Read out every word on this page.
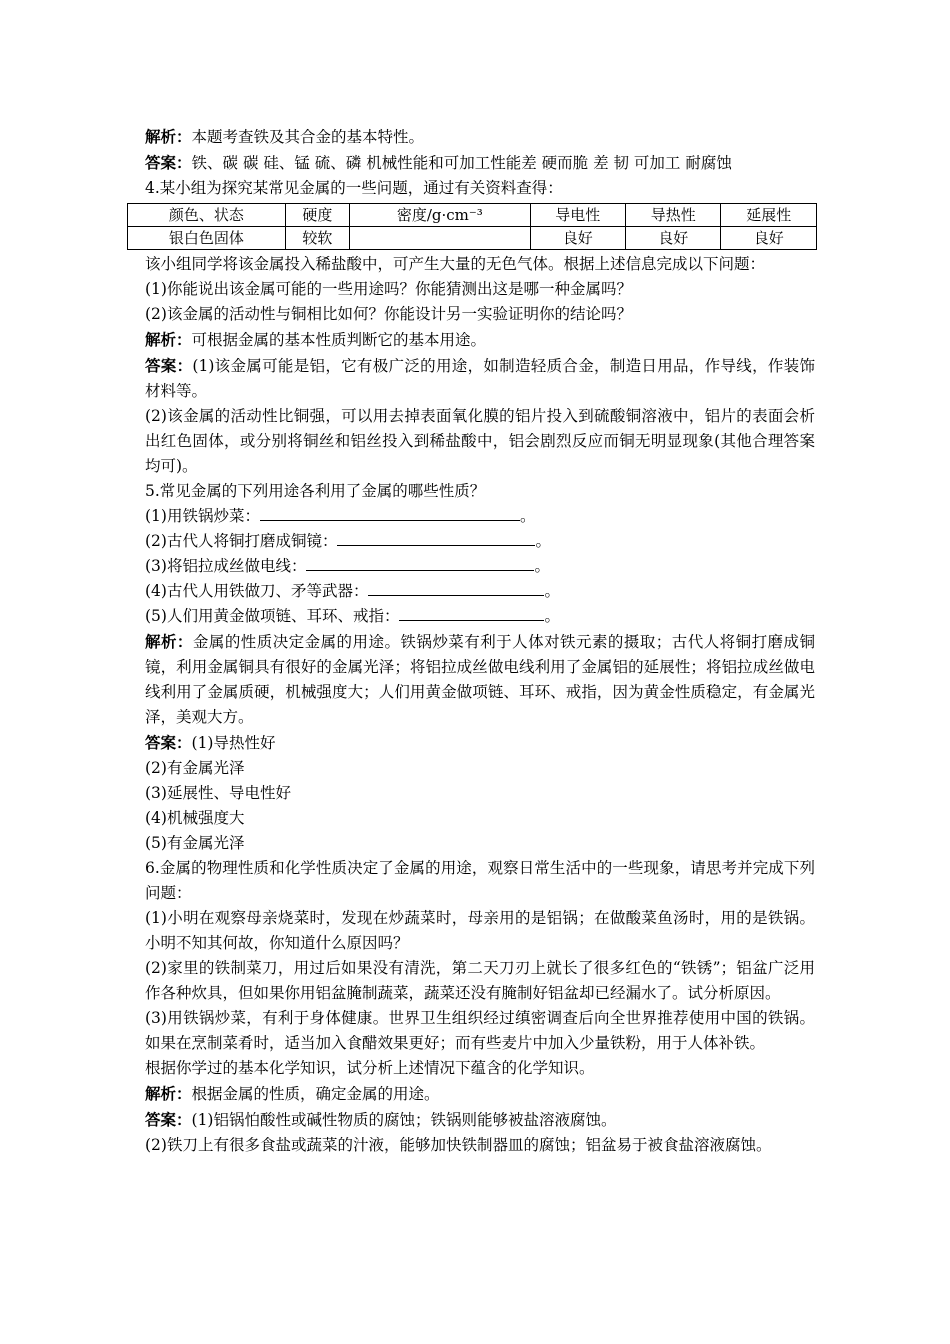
解析：本题考查铁及其合金的基本特性。

答案：铁、碳 碳 硅、锰 硫、磷 机械性能和可加工性能差 硬而脆 差 韧 可加工 耐腐蚀

4.某小组为探究某常见金属的一些问题，通过有关资料查得：

颜色、状态	硬度	密度/g·cm⁻³	导电性	导热性	延展性
银白色固体	较软		良好	良好	良好

该小组同学将该金属投入稀盐酸中，可产生大量的无色气体。根据上述信息完成以下问题：

(1)你能说出该金属可能的一些用途吗？你能猜测出这是哪一种金属吗？

(2)该金属的活动性与铜相比如何？你能设计另一实验证明你的结论吗？

解析：可根据金属的基本性质判断它的基本用途。

答案：(1)该金属可能是铝，它有极广泛的用途，如制造轻质合金，制造日用品，作导线，作装饰材料等。

(2)该金属的活动性比铜强，可以用去掉表面氧化膜的铝片投入到硫酸铜溶液中，铝片的表面会析出红色固体，或分别将铜丝和铝丝投入到稀盐酸中，铝会剧烈反应而铜无明显现象(其他合理答案均可)。

5.常见金属的下列用途各利用了金属的哪些性质？

(1)用铁锅炒菜：	。

(2)古代人将铜打磨成铜镜：	。

(3)将铝拉成丝做电线：	。

(4)古代人用铁做刀、矛等武器：	。

(5)人们用黄金做项链、耳环、戒指：	。

解析：金属的性质决定金属的用途。铁锅炒菜有利于人体对铁元素的摄取；古代人将铜打磨成铜镜，利用金属铜具有很好的金属光泽；将铝拉成丝做电线利用了金属铝的延展性；将铝拉成丝做电线利用了金属质硬，机械强度大；人们用黄金做项链、耳环、戒指，因为黄金性质稳定，有金属光泽，美观大方。

答案：(1)导热性好

(2)有金属光泽

(3)延展性、导电性好

(4)机械强度大

(5)有金属光泽

6.金属的物理性质和化学性质决定了金属的用途，观察日常生活中的一些现象，请思考并完成下列问题：

(1)小明在观察母亲烧菜时，发现在炒蔬菜时，母亲用的是铝锅；在做酸菜鱼汤时，用的是铁锅。小明不知其何故，你知道什么原因吗？

(2)家里的铁制菜刀，用过后如果没有清洗，第二天刀刃上就长了很多红色的“铁锈”；铝盆广泛用作各种炊具，但如果你用铝盆腌制蔬菜，蔬菜还没有腌制好铝盆却已经漏水了。试分析原因。

(3)用铁锅炒菜，有利于身体健康。世界卫生组织经过缜密调查后向全世界推荐使用中国的铁锅。如果在烹制菜肴时，适当加入食醋效果更好；而有些麦片中加入少量铁粉，用于人体补铁。

根据你学过的基本化学知识，试分析上述情况下蕴含的化学知识。

解析：根据金属的性质，确定金属的用途。

答案：(1)铝锅怕酸性或碱性物质的腐蚀；铁锅则能够被盐溶液腐蚀。

(2)铁刀上有很多食盐或蔬菜的汁液，能够加快铁制器皿的腐蚀；铝盆易于被食盐溶液腐蚀。
